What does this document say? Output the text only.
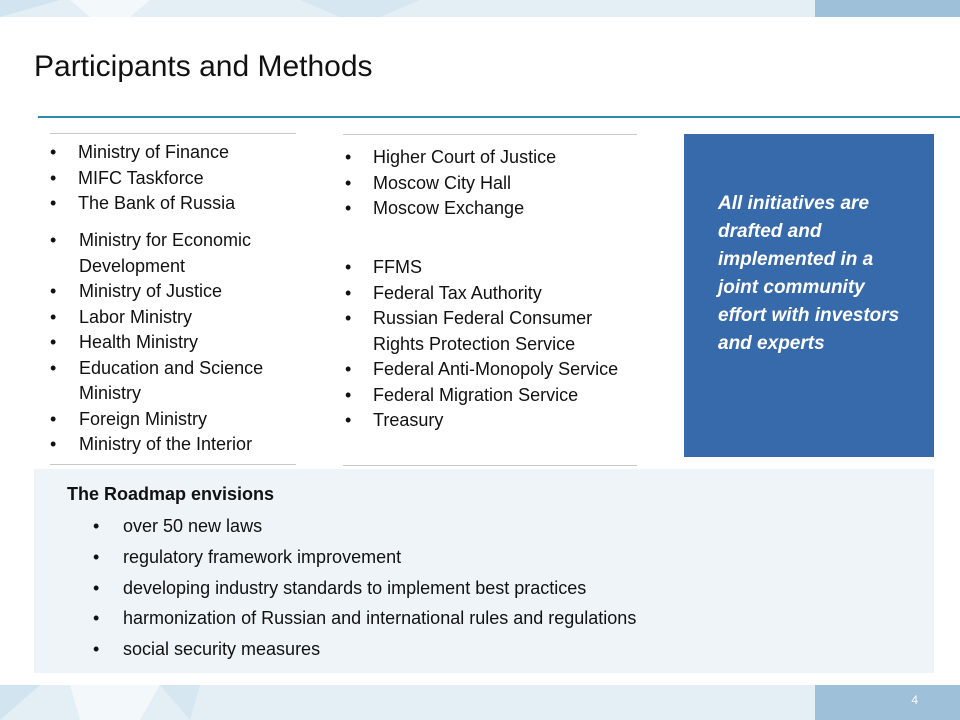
Participants and Methods
• Ministry of Finance
• MIFC Taskforce
• The Bank of Russia
• Ministry for Economic Development
• Ministry of Justice
• Labor Ministry
• Health Ministry
• Education and Science Ministry
• Foreign Ministry
• Ministry of the Interior
• Higher Court of Justice
• Moscow City Hall
• Moscow Exchange
• FFMS
• Federal Tax Authority
• Russian Federal Consumer Rights Protection Service
• Federal Anti-Monopoly Service
• Federal Migration Service
• Treasury
All initiatives are drafted and implemented in a joint community effort with investors and experts
The Roadmap envisions
• over 50 new laws
• regulatory framework improvement
• developing industry standards to implement best practices
• harmonization of Russian and international rules and regulations
• social security measures
4
